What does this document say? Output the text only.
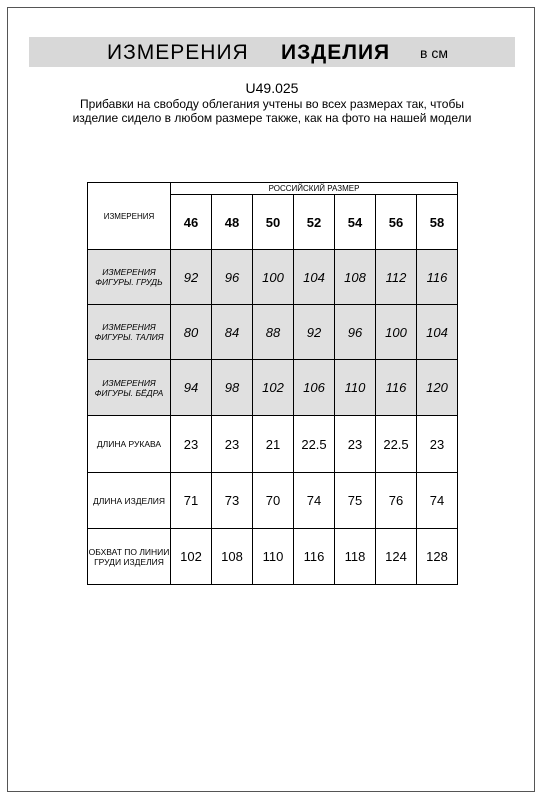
ИЗМЕРЕНИЯ ИЗДЕЛИЯ в см
U49.025
Прибавки на свободу облегания учтены во всех размерах так, чтобы изделие сидело в любом размере также, как на фото на нашей модели
ИЗМЕРЕНИЯ	РОССИЙСКИЙ РАЗМЕР						
	46	48	50	52	54	56	58
ИЗМЕРЕНИЯ ФИГУРЫ. ГРУДЬ	92	96	100	104	108	112	116
ИЗМЕРЕНИЯ ФИГУРЫ. ТАЛИЯ	80	84	88	92	96	100	104
ИЗМЕРЕНИЯ ФИГУРЫ. БЁДРА	94	98	102	106	110	116	120
ДЛИНА РУКАВА	23	23	21	22.5	23	22.5	23
ДЛИНА ИЗДЕЛИЯ	71	73	70	74	75	76	74
ОБХВАТ ПО ЛИНИИ ГРУДИ ИЗДЕЛИЯ	102	108	110	116	118	124	128
